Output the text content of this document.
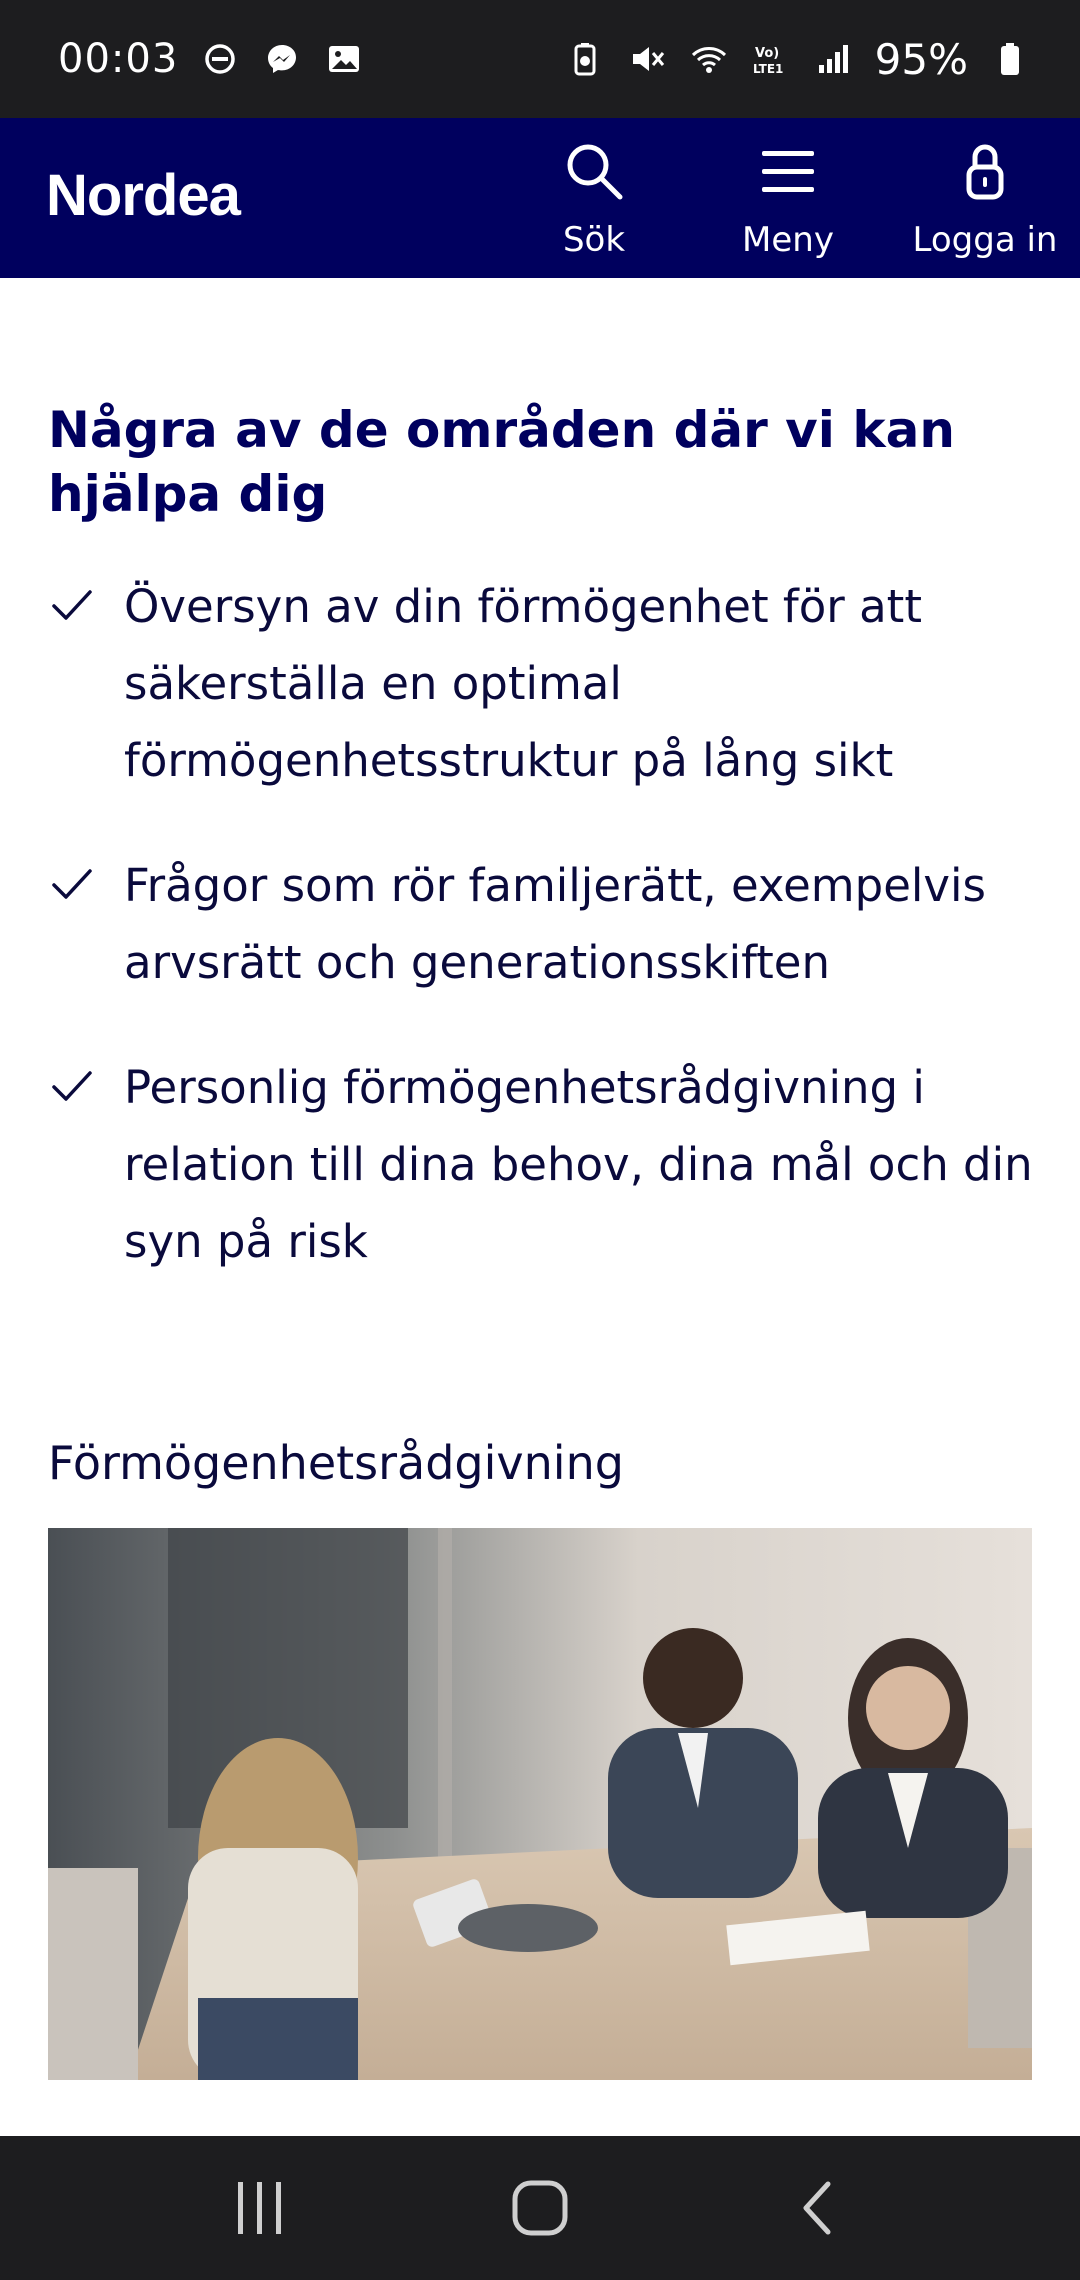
00:03	Vo)
LTE1 95%
Nordea
Sök	Meny Logga in
Några av de områden där vi kan hjälpa dig

Översyn av din förmögenhet för att säkerställa en optimal förmögenhetsstruktur på lång sikt

Frågor som rör familjerätt, exempelvis arvsrätt och generationsskiften

Personlig förmögenhetsrådgivning i relation till dina behov, dina mål och din syn på risk

Förmögenhetsrådgivning
